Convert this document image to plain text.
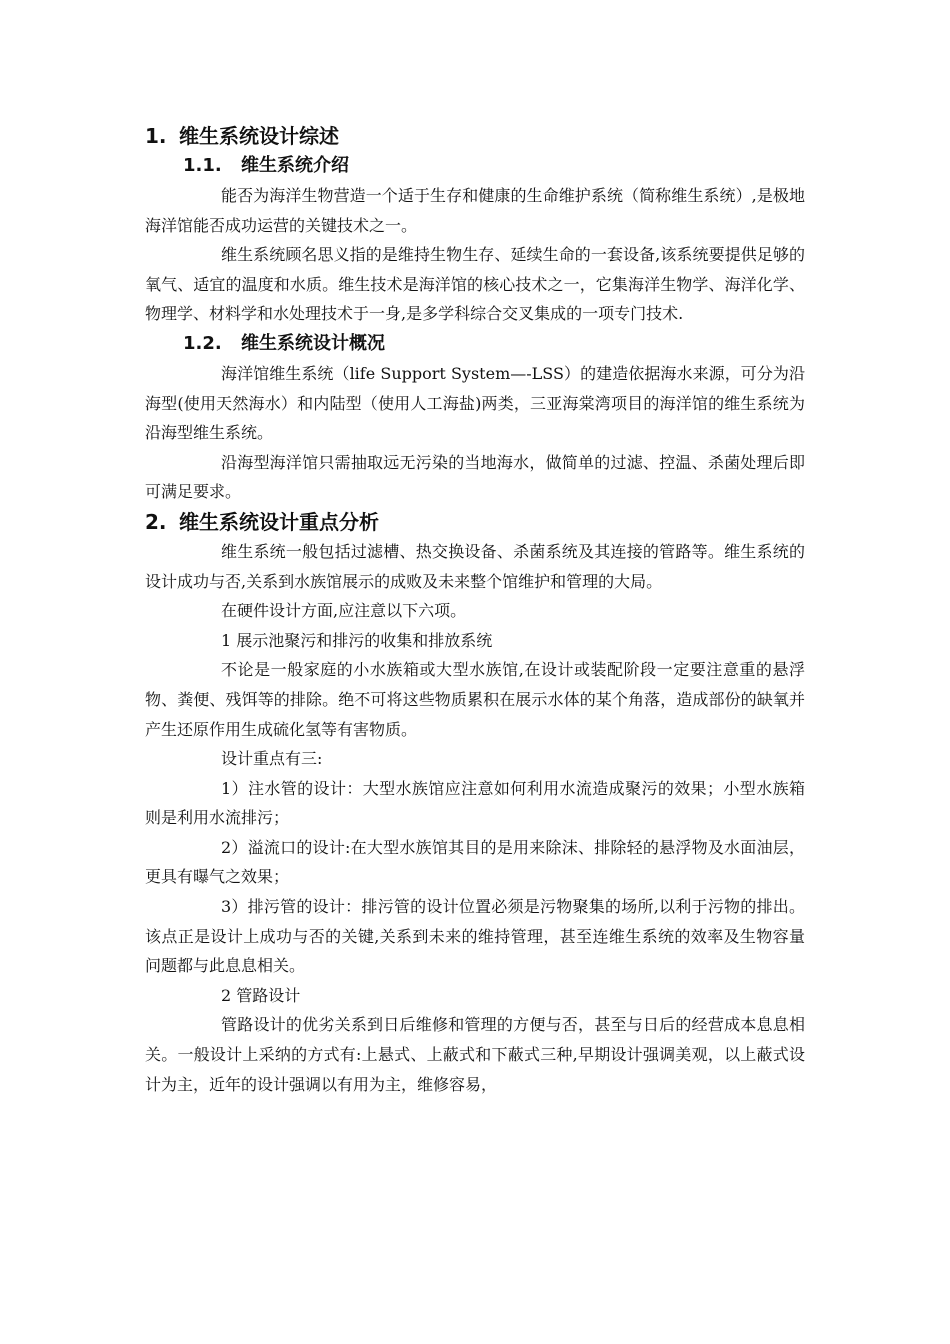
1. 维生系统设计综述
1.1. 维生系统介绍

能否为海洋生物营造一个适于生存和健康的生命维护系统（简称维生系统）,是极地海洋馆能否成功运营的关键技术之一。

维生系统顾名思义指的是维持生物生存、延续生命的一套设备,该系统要提供足够的氧气、适宜的温度和水质。维生技术是海洋馆的核心技术之一，它集海洋生物学、海洋化学、物理学、材料学和水处理技术于一身,是多学科综合交叉集成的一项专门技术.

1.2. 维生系统设计概况

海洋馆维生系统（life Support System—-LSS）的建造依据海水来源，可分为沿海型(使用天然海水）和内陆型（使用人工海盐)两类，三亚海棠湾项目的海洋馆的维生系统为沿海型维生系统。

沿海型海洋馆只需抽取远无污染的当地海水，做简单的过滤、控温、杀菌处理后即可满足要求。

2. 维生系统设计重点分析

维生系统一般包括过滤槽、热交换设备、杀菌系统及其连接的管路等。维生系统的设计成功与否,关系到水族馆展示的成败及未来整个馆维护和管理的大局。

在硬件设计方面,应注意以下六项。

1 展示池聚污和排污的收集和排放系统

不论是一般家庭的小水族箱或大型水族馆,在设计或装配阶段一定要注意重的悬浮物、粪便、残饵等的排除。绝不可将这些物质累积在展示水体的某个角落，造成部份的缺氧并产生还原作用生成硫化氢等有害物质。

设计重点有三:

1）注水管的设计：大型水族馆应注意如何利用水流造成聚污的效果；小型水族箱则是利用水流排污；

2）溢流口的设计:在大型水族馆其目的是用来除沫、排除轻的悬浮物及水面油层，更具有曝气之效果；

3）排污管的设计：排污管的设计位置必须是污物聚集的场所,以利于污物的排出。该点正是设计上成功与否的关键,关系到未来的维持管理，甚至连维生系统的效率及生物容量问题都与此息息相关。

2 管路设计

管路设计的优劣关系到日后维修和管理的方便与否，甚至与日后的经营成本息息相关。一般设计上采纳的方式有:上悬式、上蔽式和下蔽式三种,早期设计强调美观，以上蔽式设计为主，近年的设计强调以有用为主，维修容易，
